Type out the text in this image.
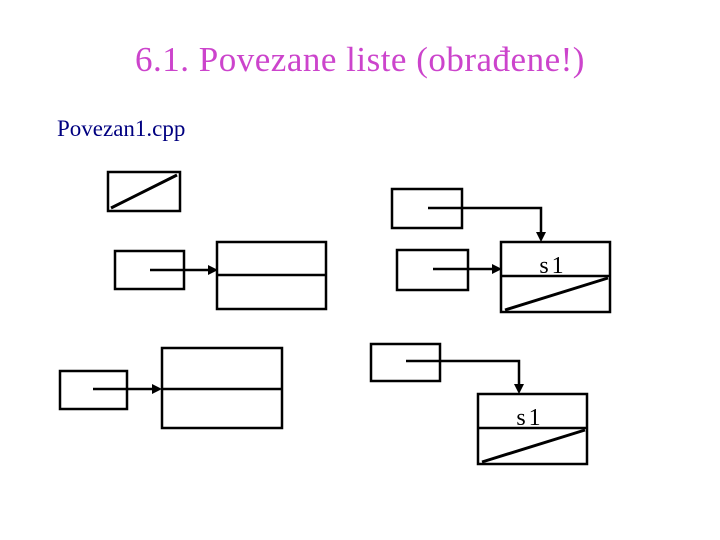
6.1. Povezane liste (obrađene!)
Povezan1.cpp
s1
s1
